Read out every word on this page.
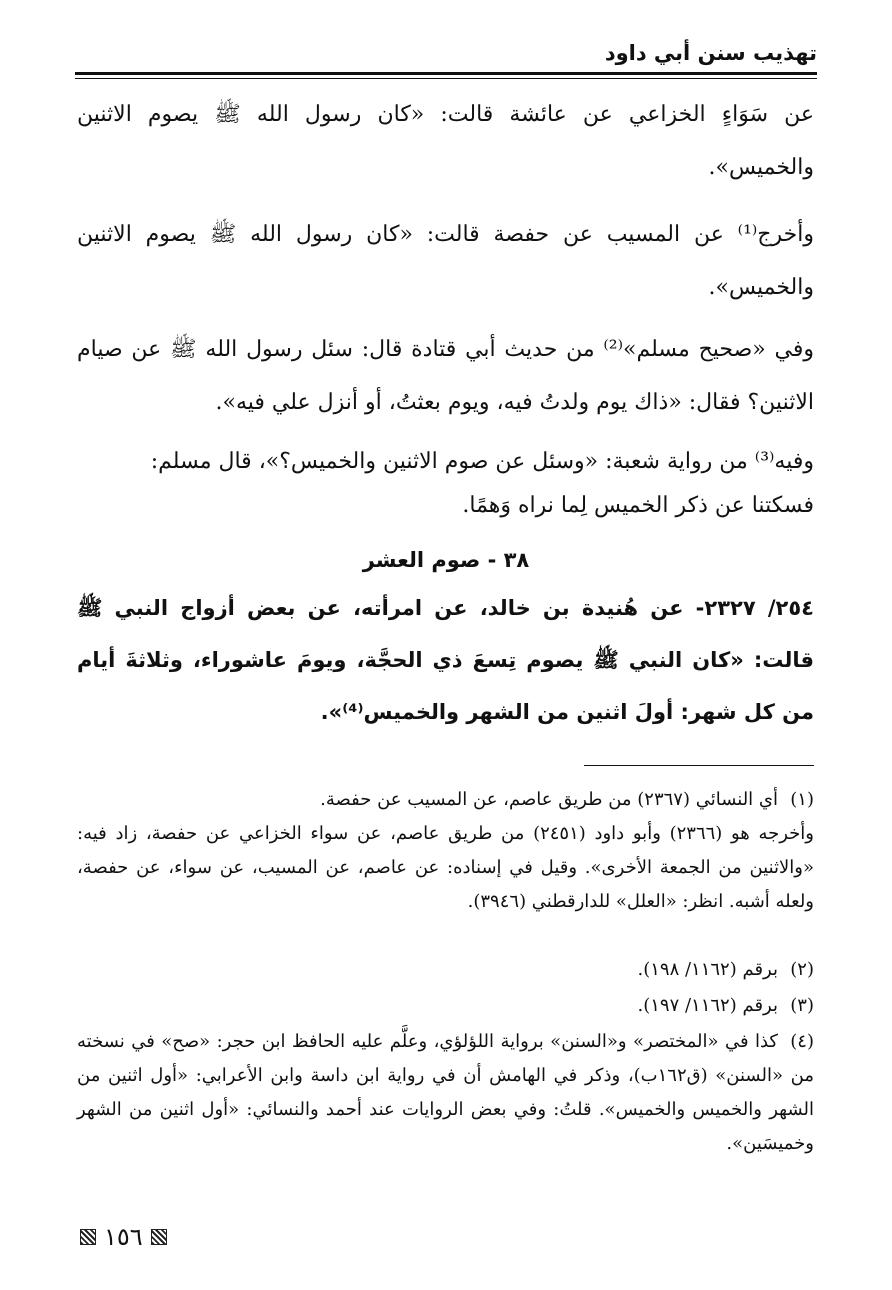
تهذيب سنن أبي داود
عن سَوَاءٍ الخزاعي عن عائشة قالت: «كان رسول الله ﷺ يصوم الاثنين والخميس».
وأخرج⁽¹⁾ عن المسيب عن حفصة قالت: «كان رسول الله ﷺ يصوم الاثنين والخميس».
وفي «صحيح مسلم»⁽²⁾ من حديث أبي قتادة قال: سئل رسول الله ﷺ عن صيام الاثنين؟ فقال: «ذاك يوم ولدتُ فيه، ويوم بعثتُ، أو أنزل علي فيه».
وفيه⁽³⁾ من رواية شعبة: «وسئل عن صوم الاثنين والخميس؟»، قال مسلم:
فسكتنا عن ذكر الخميس لِما نراه وَهمًا.
٣٨ - صوم العشر
٢٥٤/ ٢٣٢٧- عن هُنيدة بن خالد، عن امرأته، عن بعض أزواج النبي ﷺ قالت: «كان النبي ﷺ يصوم تِسعَ ذي الحجَّة، ويومَ عاشوراء، وثلاثةَ أيام من كل شهر: أولَ اثنين من الشهر والخميس⁽⁴⁾».
(١)أي النسائي (٢٣٦٧) من طريق عاصم، عن المسيب عن حفصة.
وأخرجه هو (٢٣٦٦) وأبو داود (٢٤٥١) من طريق عاصم، عن سواء الخزاعي عن حفصة، زاد فيه: «والاثنين من الجمعة الأخرى». وقيل في إسناده: عن عاصم، عن المسيب، عن سواء، عن حفصة، ولعله أشبه. انظر: «العلل» للدارقطني (٣٩٤٦).
(٢)برقم (١١٦٢/ ١٩٨).
(٣)برقم (١١٦٢/ ١٩٧).
(٤)كذا في «المختصر» و«السنن» برواية اللؤلؤي، وعلَّم عليه الحافظ ابن حجر: «صح» في نسخته من «السنن» (ق١٦٢ب)، وذكر في الهامش أن في رواية ابن داسة وابن الأعرابي: «أول اثنين من الشهر والخميس والخميس». قلتُ: وفي بعض الروايات عند أحمد والنسائي: «أول اثنين من الشهر وخميسَين».
١٥٦
